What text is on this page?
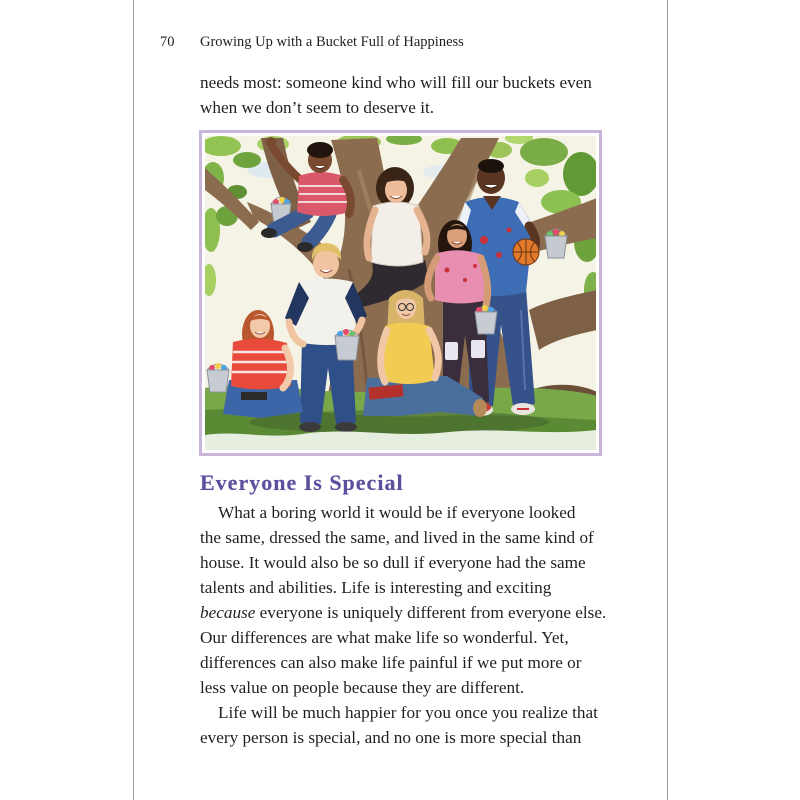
70 Growing Up with a Bucket Full of Happiness
needs most: someone kind who will fill our buckets even
when we don’t seem to deserve it.
Everyone Is Special
What a boring world it would be if everyone looked
the same, dressed the same, and lived in the same kind of
house. It would also be so dull if everyone had the same
talents and abilities. Life is interesting and exciting
because everyone is uniquely different from everyone else.
Our differences are what make life so wonderful. Yet,
differences can also make life painful if we put more or
less value on people because they are different.
Life will be much happier for you once you realize that
every person is special, and no one is more special than
